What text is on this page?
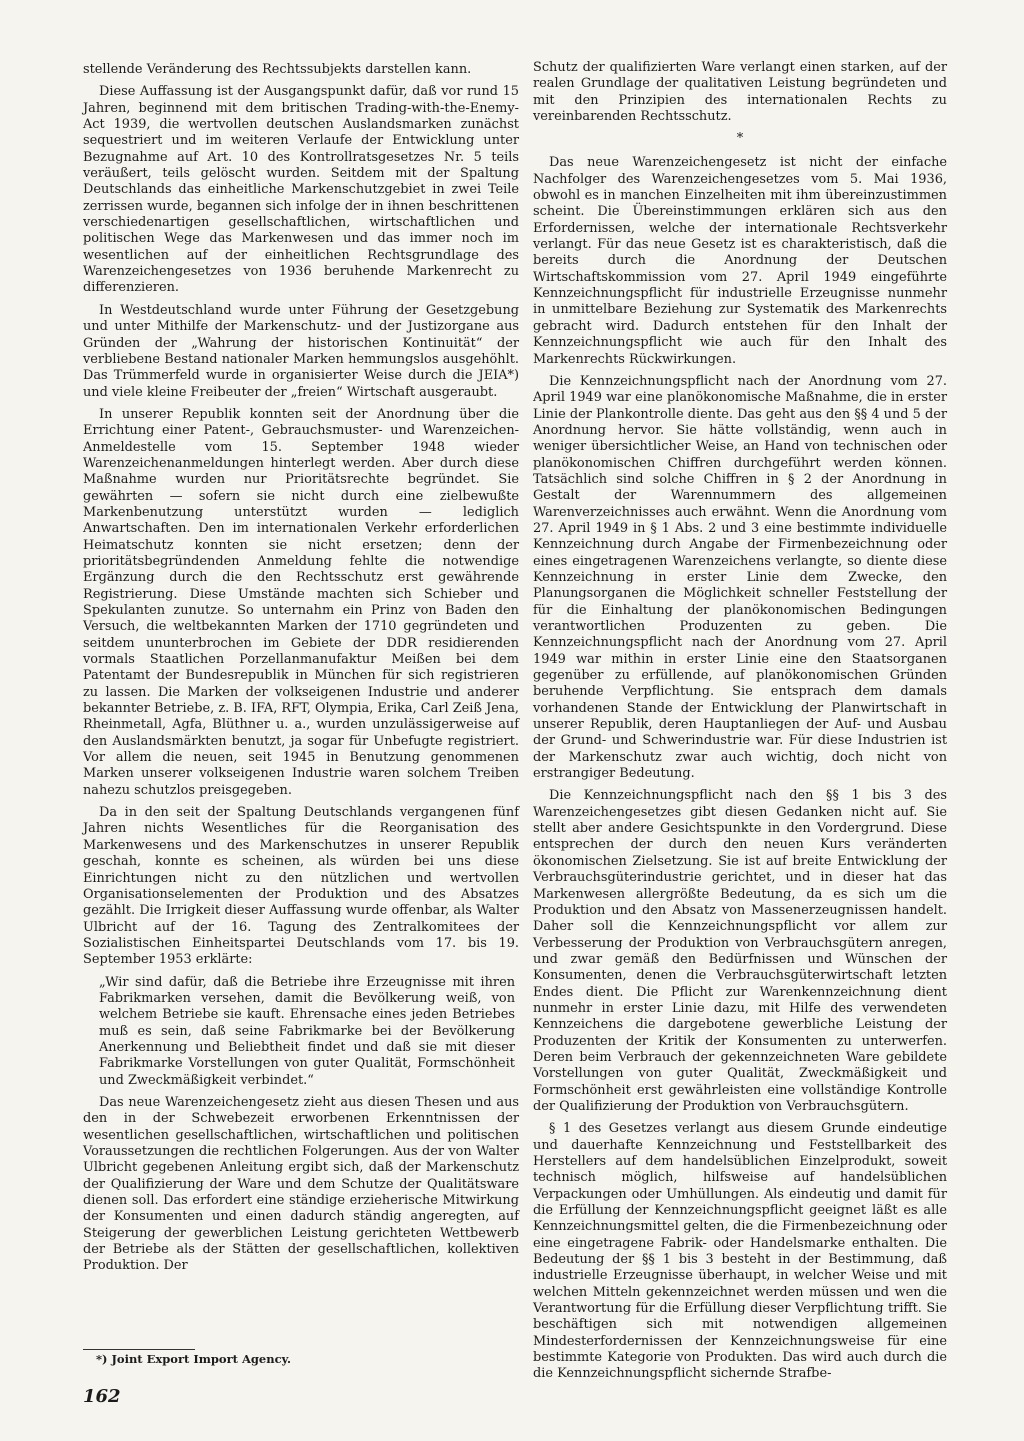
stellende Veränderung des Rechtssubjekts darstellen kann.

Diese Auffassung ist der Ausgangspunkt dafür, daß vor rund 15 Jahren, beginnend mit dem britischen Trading-with-the-Enemy-Act 1939, die wertvollen deutschen Auslandsmarken zunächst sequestriert und im weiteren Verlaufe der Entwicklung unter Bezugnahme auf Art. 10 des Kontrollratsgesetzes Nr. 5 teils veräußert, teils gelöscht wurden. Seitdem mit der Spaltung Deutschlands das einheitliche Markenschutzgebiet in zwei Teile zerrissen wurde, begannen sich infolge der in ihnen beschrittenen verschiedenartigen gesellschaftlichen, wirtschaftlichen und politischen Wege das Markenwesen und das immer noch im wesentlichen auf der einheitlichen Rechtsgrundlage des Warenzeichengesetzes von 1936 beruhende Markenrecht zu differenzieren.

In Westdeutschland wurde unter Führung der Gesetzgebung und unter Mithilfe der Markenschutz- und der Justizorgane aus Gründen der „Wahrung der historischen Kontinuität“ der verbliebene Bestand nationaler Marken hemmungslos ausgehöhlt. Das Trümmerfeld wurde in organisierter Weise durch die JEIA*) und viele kleine Freibeuter der „freien“ Wirtschaft ausgeraubt.

In unserer Republik konnten seit der Anordnung über die Errichtung einer Patent-, Gebrauchsmuster- und Warenzeichen-Anmeldestelle vom 15. September 1948 wieder Warenzeichenanmeldungen hinterlegt werden. Aber durch diese Maßnahme wurden nur Prioritätsrechte begründet. Sie gewährten — sofern sie nicht durch eine zielbewußte Markenbenutzung unterstützt wurden — lediglich Anwartschaften. Den im internationalen Verkehr erforderlichen Heimatschutz konnten sie nicht ersetzen; denn der prioritätsbegründenden Anmeldung fehlte die notwendige Ergänzung durch die den Rechtsschutz erst gewährende Registrierung. Diese Umstände machten sich Schieber und Spekulanten zunutze. So unternahm ein Prinz von Baden den Versuch, die weltbekannten Marken der 1710 gegründeten und seitdem ununterbrochen im Gebiete der DDR residierenden vormals Staatlichen Porzellanmanufaktur Meißen bei dem Patentamt der Bundesrepublik in München für sich registrieren zu lassen. Die Marken der volkseigenen Industrie und anderer bekannter Betriebe, z. B. IFA, RFT, Olympia, Erika, Carl Zeiß Jena, Rheinmetall, Agfa, Blüthner u. a., wurden unzulässigerweise auf den Auslandsmärkten benutzt, ja sogar für Unbefugte registriert. Vor allem die neuen, seit 1945 in Benutzung genommenen Marken unserer volkseigenen Industrie waren solchem Treiben nahezu schutzlos preisgegeben.

Da in den seit der Spaltung Deutschlands vergangenen fünf Jahren nichts Wesentliches für die Reorganisation des Markenwesens und des Markenschutzes in unserer Republik geschah, konnte es scheinen, als würden bei uns diese Einrichtungen nicht zu den nützlichen und wertvollen Organisationselementen der Produktion und des Absatzes gezählt. Die Irrigkeit dieser Auffassung wurde offenbar, als Walter Ulbricht auf der 16. Tagung des Zentralkomitees der Sozialistischen Einheitspartei Deutschlands vom 17. bis 19. September 1953 erklärte:

„Wir sind dafür, daß die Betriebe ihre Erzeugnisse mit ihren Fabrikmarken versehen, damit die Bevölkerung weiß, von welchem Betriebe sie kauft. Ehrensache eines jeden Betriebes muß es sein, daß seine Fabrikmarke bei der Bevölkerung Anerkennung und Beliebtheit findet und daß sie mit dieser Fabrikmarke Vorstellungen von guter Qualität, Formschönheit und Zweckmäßigkeit verbindet.“

Das neue Warenzeichengesetz zieht aus diesen Thesen und aus den in der Schwebezeit erworbenen Erkenntnissen der wesentlichen gesellschaftlichen, wirtschaftlichen und politischen Voraussetzungen die rechtlichen Folgerungen. Aus der von Walter Ulbricht gegebenen Anleitung ergibt sich, daß der Markenschutz der Qualifizierung der Ware und dem Schutze der Qualitätsware dienen soll. Das erfordert eine ständige erzieherische Mitwirkung der Konsumenten und einen dadurch ständig angeregten, auf Steigerung der gewerblichen Leistung gerichteten Wettbewerb der Betriebe als der Stätten der gesellschaftlichen, kollektiven Produktion. Der

Schutz der qualifizierten Ware verlangt einen starken, auf der realen Grundlage der qualitativen Leistung begründeten und mit den Prinzipien des internationalen Rechts zu vereinbarenden Rechtsschutz.

*

Das neue Warenzeichengesetz ist nicht der einfache Nachfolger des Warenzeichengesetzes vom 5. Mai 1936, obwohl es in manchen Einzelheiten mit ihm übereinzustimmen scheint. Die Übereinstimmungen erklären sich aus den Erfordernissen, welche der internationale Rechtsverkehr verlangt. Für das neue Gesetz ist es charakteristisch, daß die bereits durch die Anordnung der Deutschen Wirtschaftskommission vom 27. April 1949 eingeführte Kennzeichnungspflicht für industrielle Erzeugnisse nunmehr in unmittelbare Beziehung zur Systematik des Markenrechts gebracht wird. Dadurch entstehen für den Inhalt der Kennzeichnungspflicht wie auch für den Inhalt des Markenrechts Rückwirkungen.

Die Kennzeichnungspflicht nach der Anordnung vom 27. April 1949 war eine planökonomische Maßnahme, die in erster Linie der Plankontrolle diente. Das geht aus den §§ 4 und 5 der Anordnung hervor. Sie hätte vollständig, wenn auch in weniger übersichtlicher Weise, an Hand von technischen oder planökonomischen Chiffren durchgeführt werden können. Tatsächlich sind solche Chiffren in § 2 der Anordnung in Gestalt der Warennummern des allgemeinen Warenverzeichnisses auch erwähnt. Wenn die Anordnung vom 27. April 1949 in § 1 Abs. 2 und 3 eine bestimmte individuelle Kennzeichnung durch Angabe der Firmenbezeichnung oder eines eingetragenen Warenzeichens verlangte, so diente diese Kennzeichnung in erster Linie dem Zwecke, den Planungsorganen die Möglichkeit schneller Feststellung der für die Einhaltung der planökonomischen Bedingungen verantwortlichen Produzenten zu geben. Die Kennzeichnungspflicht nach der Anordnung vom 27. April 1949 war mithin in erster Linie eine den Staatsorganen gegenüber zu erfüllende, auf planökonomischen Gründen beruhende Verpflichtung. Sie entsprach dem damals vorhandenen Stande der Entwicklung der Planwirtschaft in unserer Republik, deren Hauptanliegen der Auf- und Ausbau der Grund- und Schwerindustrie war. Für diese Industrien ist der Markenschutz zwar auch wichtig, doch nicht von erstrangiger Bedeutung.

Die Kennzeichnungspflicht nach den §§ 1 bis 3 des Warenzeichengesetzes gibt diesen Gedanken nicht auf. Sie stellt aber andere Gesichtspunkte in den Vordergrund. Diese entsprechen der durch den neuen Kurs veränderten ökonomischen Zielsetzung. Sie ist auf breite Entwicklung der Verbrauchsgüterindustrie gerichtet, und in dieser hat das Markenwesen allergrößte Bedeutung, da es sich um die Produktion und den Absatz von Massenerzeugnissen handelt. Daher soll die Kennzeichnungspflicht vor allem zur Verbesserung der Produktion von Verbrauchsgütern anregen, und zwar gemäß den Bedürfnissen und Wünschen der Konsumenten, denen die Verbrauchsgüterwirtschaft letzten Endes dient. Die Pflicht zur Warenkennzeichnung dient nunmehr in erster Linie dazu, mit Hilfe des verwendeten Kennzeichens die dargebotene gewerbliche Leistung der Produzenten der Kritik der Konsumenten zu unterwerfen. Deren beim Verbrauch der gekennzeichneten Ware gebildete Vorstellungen von guter Qualität, Zweckmäßigkeit und Formschönheit erst gewährleisten eine vollständige Kontrolle der Qualifizierung der Produktion von Verbrauchsgütern.

§ 1 des Gesetzes verlangt aus diesem Grunde eindeutige und dauerhafte Kennzeichnung und Feststellbarkeit des Herstellers auf dem handelsüblichen Einzelprodukt, soweit technisch möglich, hilfsweise auf handelsüblichen Verpackungen oder Umhüllungen. Als eindeutig und damit für die Erfüllung der Kennzeichnungspflicht geeignet läßt es alle Kennzeichnungsmittel gelten, die die Firmenbezeichnung oder eine eingetragene Fabrik- oder Handelsmarke enthalten. Die Bedeutung der §§ 1 bis 3 besteht in der Bestimmung, daß industrielle Erzeugnisse überhaupt, in welcher Weise und mit welchen Mitteln gekennzeichnet werden müssen und wen die Verantwortung für die Erfüllung dieser Verpflichtung trifft. Sie beschäftigen sich mit notwendigen allgemeinen Mindesterfordernissen der Kennzeichnungsweise für eine bestimmte Kategorie von Produkten. Das wird auch durch die die Kennzeichnungspflicht sichernde Strafbe-

*) Joint Export Import Agency.
162
